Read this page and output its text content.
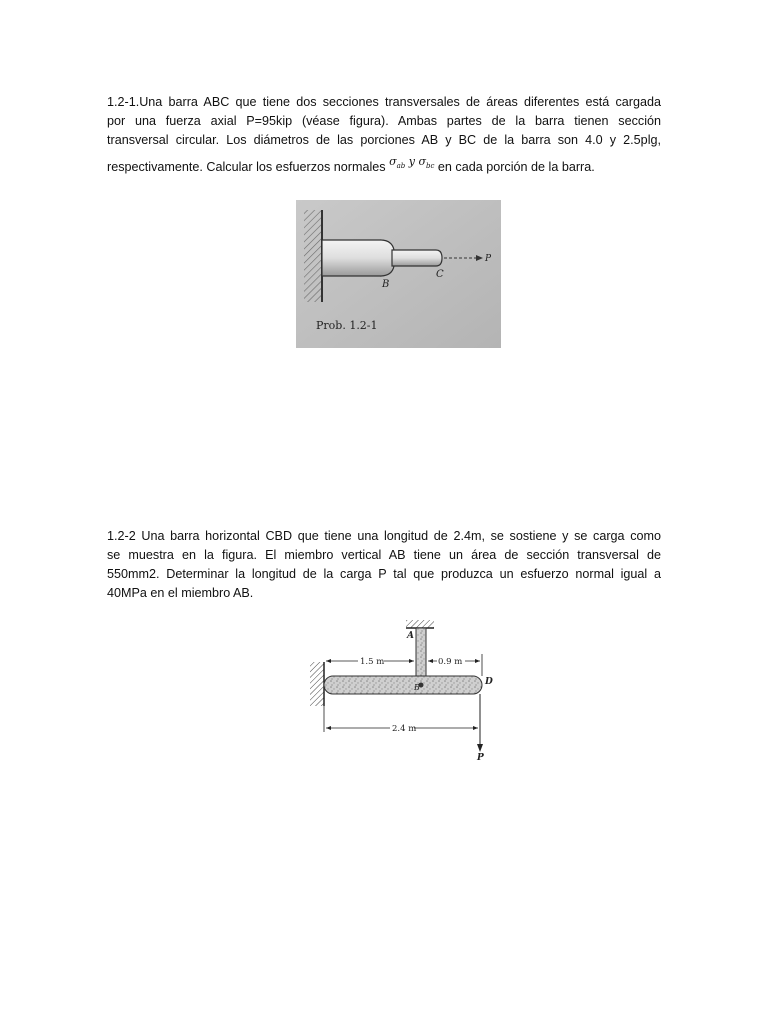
1.2-1.Una barra ABC que tiene dos secciones transversales de áreas diferentes está cargada
por una fuerza axial P=95kip (véase figura). Ambas partes de la barra tienen sección
transversal circular. Los diámetros de las porciones AB y BC de la barra son 4.0 y 2.5plg,
respectivamente. Calcular los esfuerzos normales $\sigma_{ab}$ y $\sigma_{bc}$ en cada porción de la barra.
P
C
B
Prob. 1.2-1
1.2-2 Una barra horizontal CBD que tiene una longitud de 2.4m, se sostiene y se carga como
se muestra en la figura. El miembro vertical AB tiene un área de sección transversal de
550mm2. Determinar la longitud de la carga P tal que produzca un esfuerzo normal igual a
40MPa en el miembro AB.
A
B
D
1.5 m	0.9 m
2.4 m
P
